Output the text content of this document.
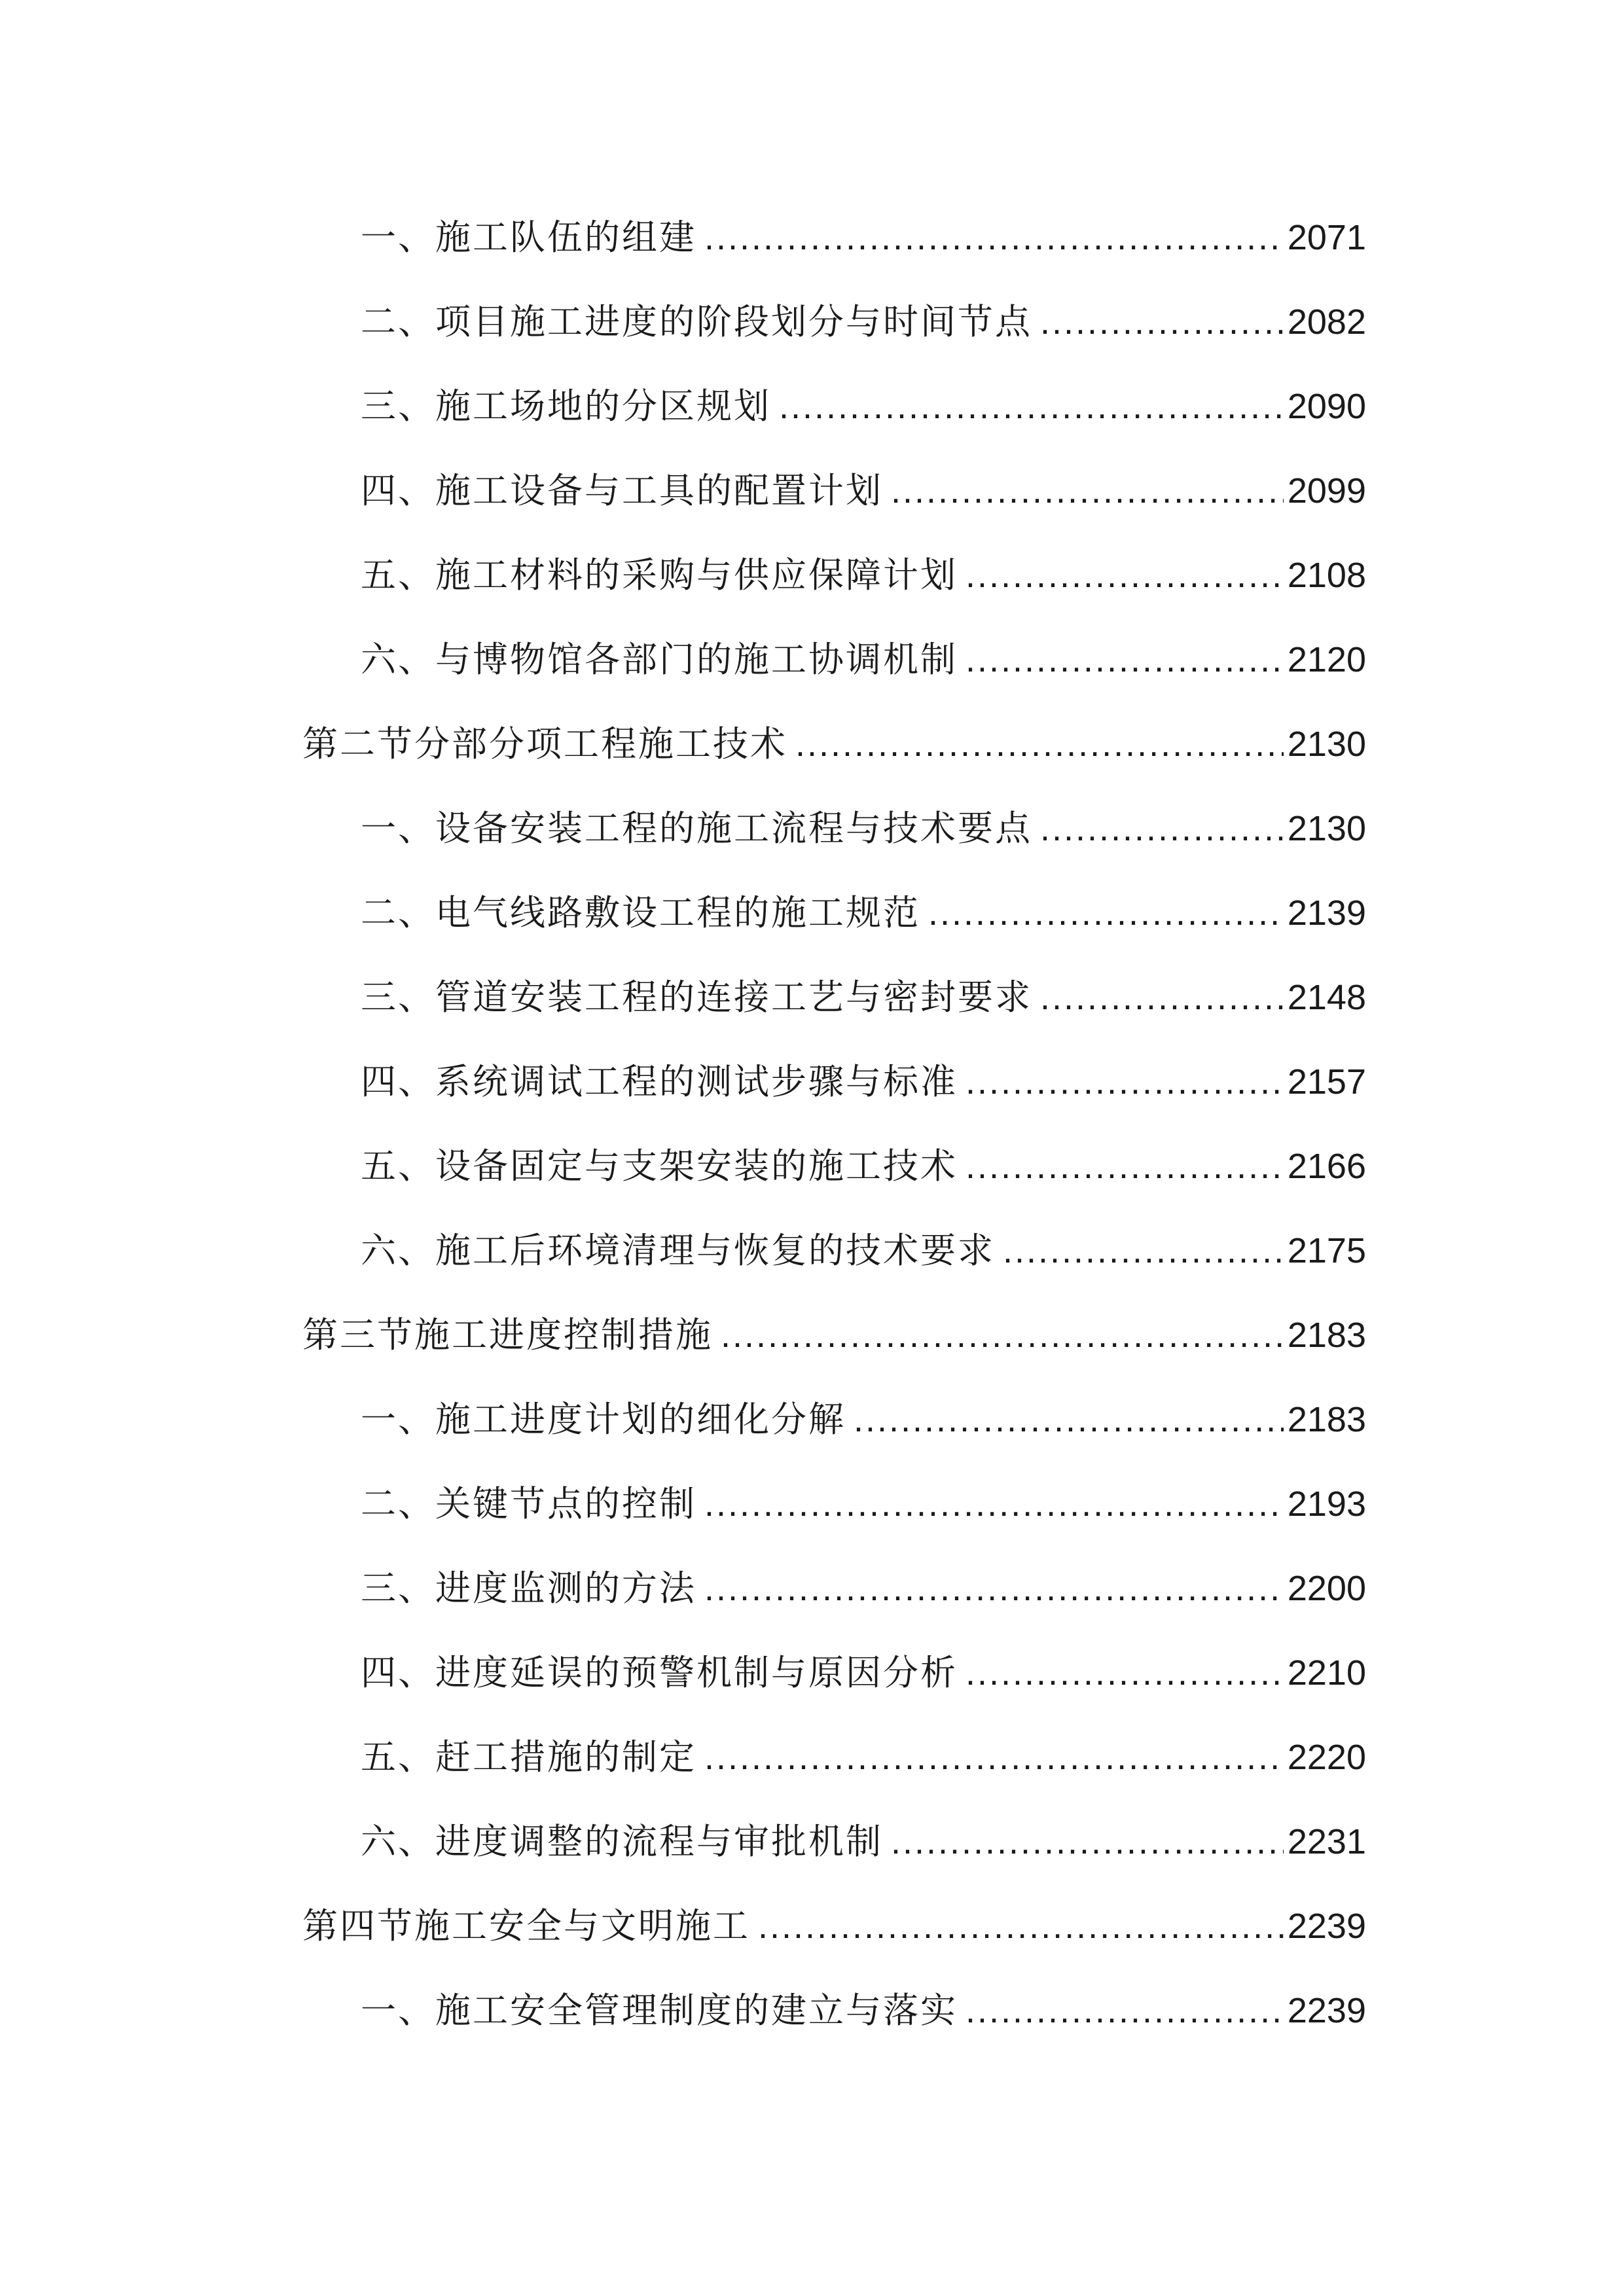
一、施工队伍的组建 .....	2071
二、项目施工进度的阶段划分与时间节点 .....	2082
三、施工场地的分区规划 .....	2090
四、施工设备与工具的配置计划 .....	2099
五、施工材料的采购与供应保障计划 .....	2108
六、与博物馆各部门的施工协调机制 .....	2120
第二节分部分项工程施工技术 .....	2130
一、设备安装工程的施工流程与技术要点 .....	2130
二、电气线路敷设工程的施工规范 .....	2139
三、管道安装工程的连接工艺与密封要求 .....	2148
四、系统调试工程的测试步骤与标准 .....	2157
五、设备固定与支架安装的施工技术 .....	2166
六、施工后环境清理与恢复的技术要求 .....	2175
第三节施工进度控制措施 .....	2183
一、施工进度计划的细化分解 .....	2183
二、关键节点的控制 .....	2193
三、进度监测的方法 .....	2200
四、进度延误的预警机制与原因分析 .....	2210
五、赶工措施的制定 .....	2220
六、进度调整的流程与审批机制 .....	2231
第四节施工安全与文明施工 .....	2239
一、施工安全管理制度的建立与落实 .....	2239
